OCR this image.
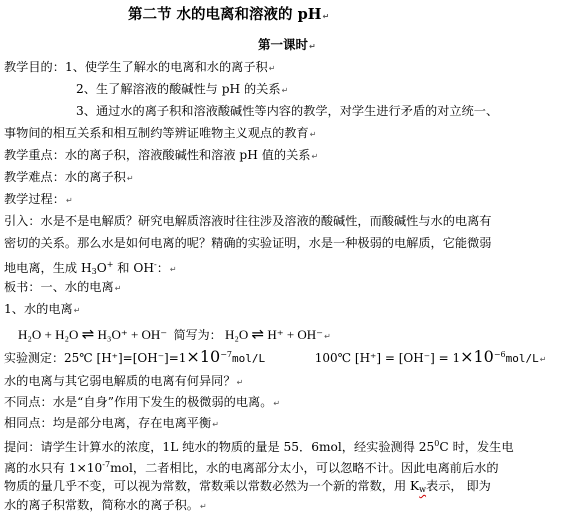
第二节 水的电离和溶液的 pH↵
第一课时↵
教学目的：1、使学生了解水的电离和水的离子积↵
2、生了解溶液的酸碱性与 pH 的关系↵
3、通过水的离子积和溶液酸碱性等内容的教学，对学生进行矛盾的对立统一、
事物间的相互关系和相互制约等辨证唯物主义观点的教育↵
教学重点：水的离子积，溶液酸碱性和溶液 pH 值的关系↵
教学难点：水的离子积↵
教学过程：↵
引入：水是不是电解质？研究电解质溶液时往往涉及溶液的酸碱性，而酸碱性与水的电离有
密切的关系。那么水是如何电离的呢？精确的实验证明，水是一种极弱的电解质，它能微弱
地电离，生成 H3O+ 和 OH-：↵
板书：一、水的电离↵
1、水的电离↵
H₂O + H₂O ⇌ H₃O⁺ + OH⁻ 简写为： H₂O ⇌ H⁺ + OH⁻↵
实验测定：25℃ $[H^+]=[OH^-]=1\times 10^{-7}mol/L$	100℃ $[H^+] = [OH^-] = 1\times 10^{-6}mol/L↵$
水的电离与其它弱电解质的电离有何异同？↵
不同点：水是“自身”作用下发生的极微弱的电离。↵
相同点：均是部分电离，存在电离平衡↵
提问：请学生计算水的浓度，1L 纯水的物质的量是 55．6mol，经实验测得 $25^0C$ 时，发生电
离的水只有 $1\times 10^{-7}mol$，二者相比，水的电离部分太小，可以忽略不计。因此电离前后水的
物质的量几乎不变，可以视为常数，常数乘以常数必然为一个新的常数，用 Kw表示， 即为
水的离子积常数，简称水的离子积。↵
